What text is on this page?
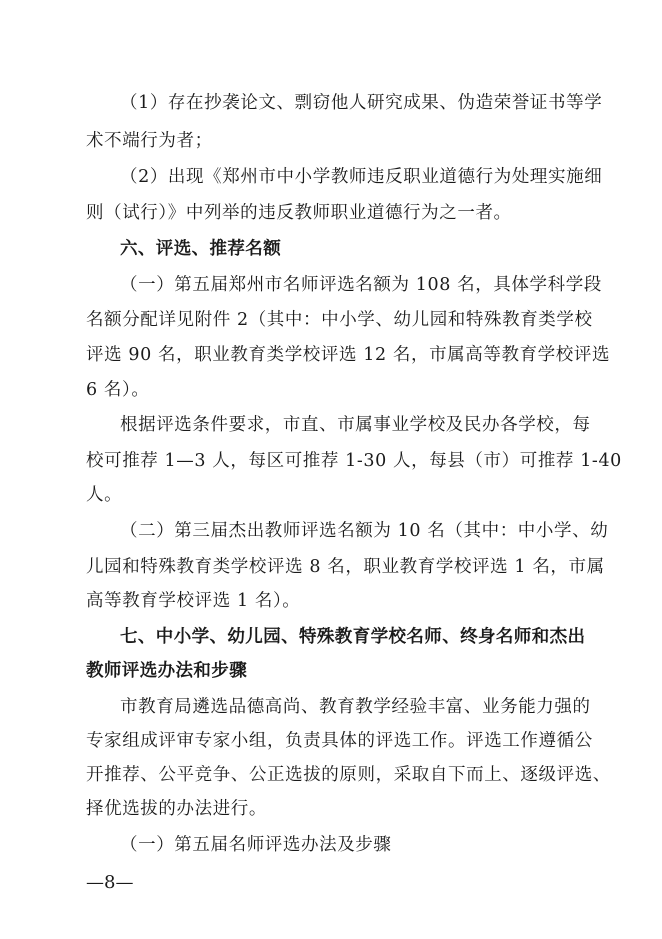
（1）存在抄袭论文、剽窃他人研究成果、伪造荣誉证书等学
术不端行为者；
（2）出现《郑州市中小学教师违反职业道德行为处理实施细
则（试行）》中列举的违反教师职业道德行为之一者。
六、评选、推荐名额
（一）第五届郑州市名师评选名额为 108 名，具体学科学段
名额分配详见附件 2（其中：中小学、幼儿园和特殊教育类学校
评选 90 名，职业教育类学校评选 12 名，市属高等教育学校评选
6 名）。
根据评选条件要求，市直、市属事业学校及民办各学校，每
校可推荐 1—3 人，每区可推荐 1-30 人，每县（市）可推荐 1-40
人。
（二）第三届杰出教师评选名额为 10 名（其中：中小学、幼
儿园和特殊教育类学校评选 8 名，职业教育学校评选 1 名，市属
高等教育学校评选 1 名）。
七、中小学、幼儿园、特殊教育学校名师、终身名师和杰出
教师评选办法和步骤
市教育局遴选品德高尚、教育教学经验丰富、业务能力强的
专家组成评审专家小组，负责具体的评选工作。评选工作遵循公
开推荐、公平竞争、公正选拔的原则，采取自下而上、逐级评选、
择优选拔的办法进行。
（一）第五届名师评选办法及步骤
—8—
